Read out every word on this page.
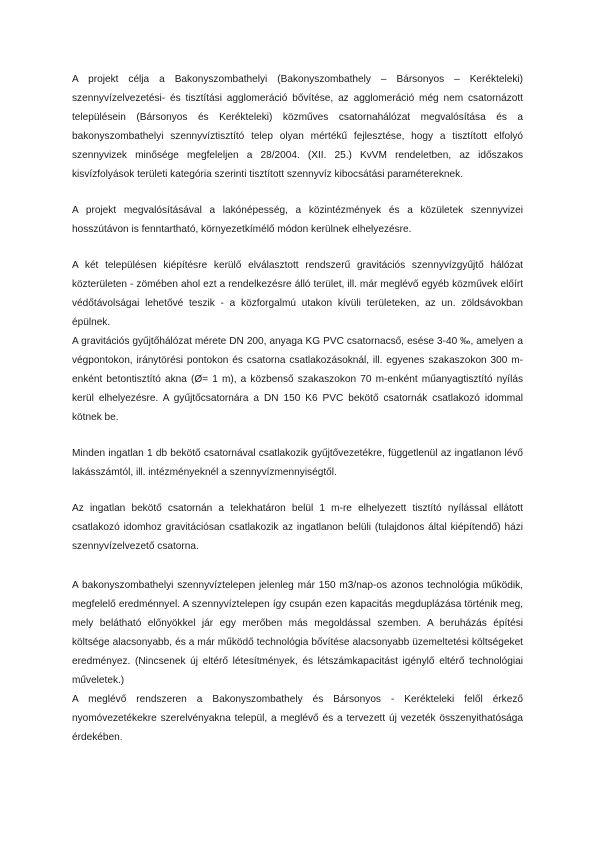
A projekt célja a Bakonyszombathelyi (Bakonyszombathely – Bársonyos – Kerékteleki) szennyvízelvezetési- és tisztítási agglomeráció bővítése, az agglomeráció még nem csatornázott településein (Bársonyos és Kerékteleki) közműves csatornahálózat megvalósítása és a bakonyszombathelyi szennyvíztisztító telep olyan mértékű fejlesztése, hogy a tisztított elfolyó szennyvizek minősége megfeleljen a 28/2004. (XII. 25.) KvVM rendeletben, az időszakos kisvízfolyások területi kategória szerinti tisztított szennyvíz kibocsátási paramétereknek.

A projekt megvalósításával a lakónépesség, a közintézmények és a közületek szennyvizei hosszútávon is fenntartható, környezetkímélő módon kerülnek elhelyezésre.

A két településen kiépítésre kerülő elválasztott rendszerű gravitációs szennyvízgyűjtő hálózat közterületen - zömében ahol ezt a rendelkezésre álló terület, ill. már meglévő egyéb közművek előírt védőtávolságai lehetővé teszik - a közforgalmú utakon kívüli területeken, az un. zöldsávokban épülnek.

A gravitációs gyűjtőhálózat mérete DN 200, anyaga KG PVC csatornacső, esése 3-40 ‰, amelyen a végpontokon, iránytörési pontokon és csatorna csatlakozásoknál, ill. egyenes szakaszokon 300 m-enként betontisztító akna (Ø= 1 m), a közbenső szakaszokon 70 m-enként műanyagtisztító nyílás kerül elhelyezésre. A gyűjtőcsatornára a DN 150 K6 PVC bekötő csatornák csatlakozó idommal kötnek be.

Minden ingatlan 1 db bekötő csatornával csatlakozik gyűjtővezetékre, függetlenül az ingatlanon lévő lakásszámtól, ill. intézményeknél a szennyvízmennyiségtől.

Az ingatlan bekötő csatornán a telekhatáron belül 1 m-re elhelyezett tisztító nyílással ellátott csatlakozó idomhoz gravitációsan csatlakozik az ingatlanon belüli (tulajdonos által kiépítendő) házi szennyvízelvezető csatorna.

A bakonyszombathelyi szennyvíztelepen jelenleg már 150 m3/nap-os azonos technológia működik, megfelelő eredménnyel. A szennyvíztelepen így csupán ezen kapacitás megduplázása történik meg, mely belátható előnyökkel jár egy merőben más megoldással szemben. A beruházás építési költsége alacsonyabb, és a már működő technológia bővítése alacsonyabb üzemeltetési költségeket eredményez. (Nincsenek új eltérő létesítmények, és létszámkapacitást igénylő eltérő technológiai műveletek.)

A meglévő rendszeren a Bakonyszombathely és Bársonyos - Kerékteleki felől érkező nyomóvezetékekre szerelvényakna települ, a meglévő és a tervezett új vezeték összenyithatósága érdekében.
